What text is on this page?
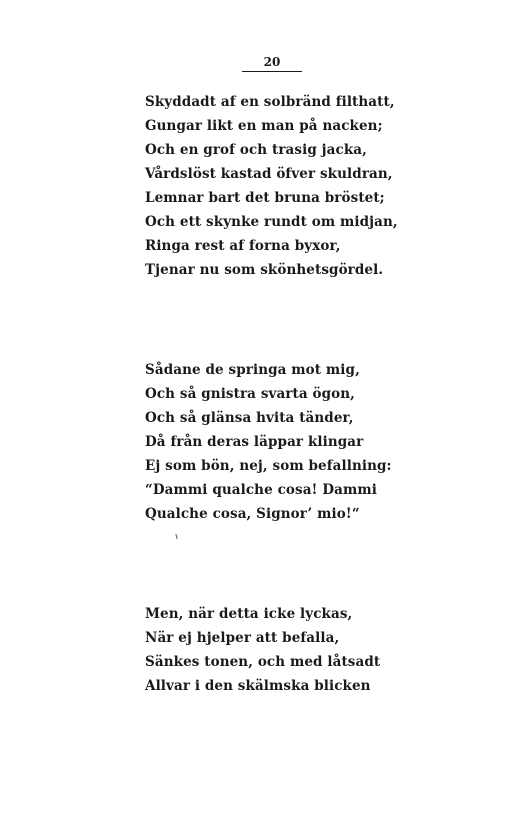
20
Skyddadt af en solbränd filthatt,
Gungar likt en man på nacken;
Och en grof och trasig jacka,
Vårdslöst kastad öfver skuldran,
Lemnar bart det bruna bröstet;
Och ett skynke rundt om midjan,
Ringa rest af forna byxor,
Tjenar nu som skönhetsgördel.
Sådane de springa mot mig,
Och så gnistra svarta ögon,
Och så glänsa hvita tänder,
Då från deras läppar klingar
Ej som bön, nej, som befallning:
“Dammi qualche cosa! Dammi
Qualche cosa, Signor’ mio!“
Men, när detta icke lyckas,
När ej hjelper att befalla,
Sänkes tonen, och med låtsadt
Allvar i den skälmska blicken
